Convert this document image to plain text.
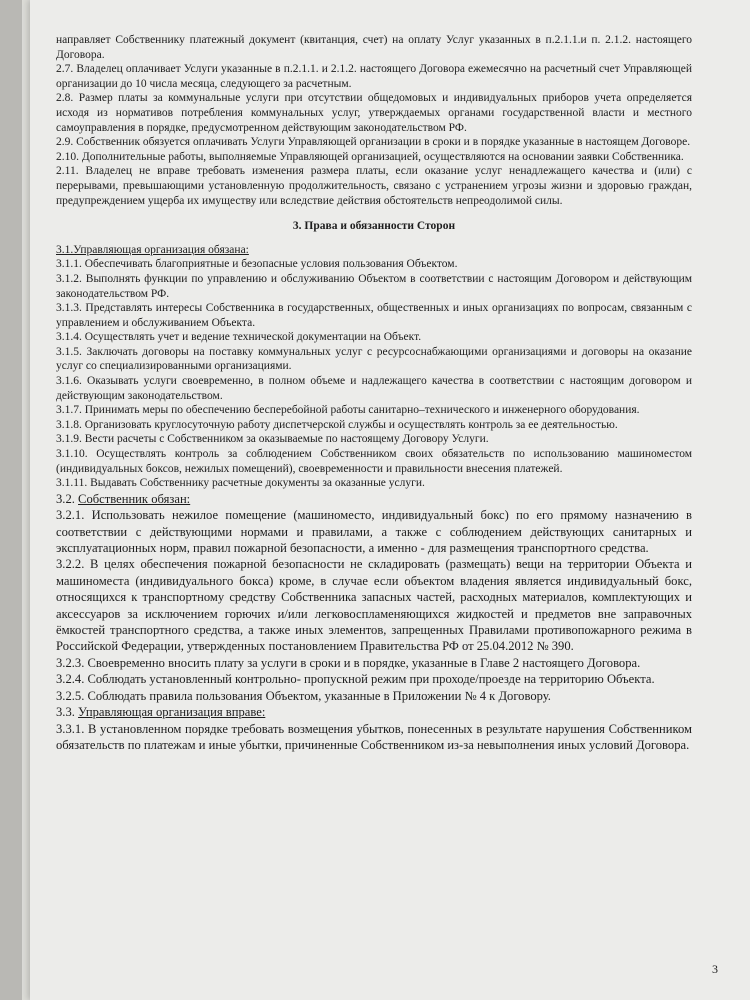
направляет Собственнику платежный документ (квитанция, счет) на оплату Услуг указанных в п.2.1.1.и п. 2.1.2. настоящего Договора.

2.7. Владелец оплачивает Услуги указанные в п.2.1.1. и 2.1.2. настоящего Договора ежемесячно на расчетный счет Управляющей организации до 10 числа месяца, следующего за расчетным.

2.8. Размер платы за коммунальные услуги при отсутствии общедомовых и индивидуальных приборов учета определяется исходя из нормативов потребления коммунальных услуг, утверждаемых органами государственной власти и местного самоуправления в порядке, предусмотренном действующим законодательством РФ.

2.9. Собственник обязуется оплачивать Услуги Управляющей организации в сроки и в порядке указанные в настоящем Договоре.

2.10. Дополнительные работы, выполняемые Управляющей организацией, осуществляются на основании заявки Собственника.

2.11. Владелец не вправе требовать изменения размера платы, если оказание услуг ненадлежащего качества и (или) с перерывами, превышающими установленную продолжительность, связано с устранением угрозы жизни и здоровью граждан, предупреждением ущерба их имуществу или вследствие действия обстоятельств непреодолимой силы.

3. Права и обязанности Сторон

3.1.Управляющая организация обязана:

3.1.1. Обеспечивать благоприятные и безопасные условия пользования Объектом.

3.1.2. Выполнять функции по управлению и обслуживанию Объектом в соответствии с настоящим Договором и действующим законодательством РФ.

3.1.3. Представлять интересы Собственника в государственных, общественных и иных организациях по вопросам, связанным с управлением и обслуживанием Объекта.

3.1.4. Осуществлять учет и ведение технической документации на Объект.

3.1.5. Заключать договоры на поставку коммунальных услуг с ресурсоснабжающими организациями и договоры на оказание услуг со специализированными организациями.

3.1.6. Оказывать услуги своевременно, в полном объеме и надлежащего качества в соответствии с настоящим договором и действующим законодательством.

3.1.7. Принимать меры по обеспечению бесперебойной работы санитарно–технического и инженерного оборудования.

3.1.8. Организовать круглосуточную работу диспетчерской службы и осуществлять контроль за ее деятельностью.

3.1.9. Вести расчеты с Собственником за оказываемые по настоящему Договору Услуги.

3.1.10. Осуществлять контроль за соблюдением Собственником своих обязательств по использованию машиноместом (индивидуальных боксов, нежилых помещений), своевременности и правильности внесения платежей.

3.1.11. Выдавать Собственнику расчетные документы за оказанные услуги.

3.2. Собственник обязан:

3.2.1. Использовать нежилое помещение (машиноместо, индивидуальный бокс) по его прямому назначению в соответствии с действующими нормами и правилами, а также с соблюдением действующих санитарных и эксплуатационных норм, правил пожарной безопасности, а именно - для размещения транспортного средства.

3.2.2. В целях обеспечения пожарной безопасности не складировать (размещать) вещи на территории Объекта и машиноместа (индивидуального бокса) кроме, в случае если объектом владения является индивидуальный бокс, относящихся к транспортному средству Собственника запасных частей, расходных материалов, комплектующих и аксессуаров за исключением горючих и/или легковоспламеняющихся жидкостей и предметов вне заправочных ёмкостей транспортного средства, а также иных элементов, запрещенных Правилами противопожарного режима в Российской Федерации, утвержденных постановлением Правительства РФ от 25.04.2012 № 390.

3.2.3. Своевременно вносить плату за услуги в сроки и в порядке, указанные в Главе 2 настоящего Договора.

3.2.4. Соблюдать установленный контрольно- пропускной режим при проходе/проезде на территорию Объекта.

3.2.5. Соблюдать правила пользования Объектом, указанные в Приложении № 4 к Договору.

3.3. Управляющая организация вправе:

3.3.1. В установленном порядке требовать возмещения убытков, понесенных в результате нарушения Собственником обязательств по платежам и иные убытки, причиненные Собственником из-за невыполнения иных условий Договора.

3
